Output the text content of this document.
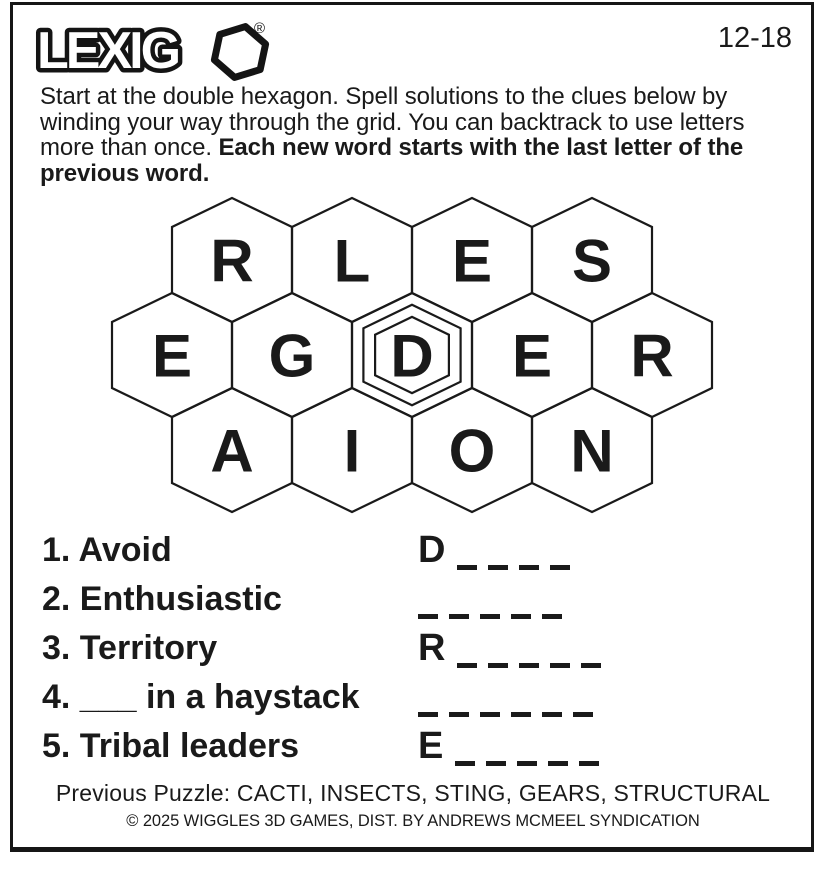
LEXIG	®	12-18
Start at the double hexagon. Spell solutions to the clues below by
winding your way through the grid. You can backtrack to use letters
more than once. Each new word starts with the last letter of the
previous word.
R L E S
E G D E R
A I O N
1. Avoid	D
2. Enthusiastic
3. Territory	R
4. ___ in a haystack
5. Tribal leaders	E
Previous Puzzle: CACTI, INSECTS, STING, GEARS, STRUCTURAL
© 2025 WIGGLES 3D GAMES, DIST. BY ANDREWS MCMEEL SYNDICATION
